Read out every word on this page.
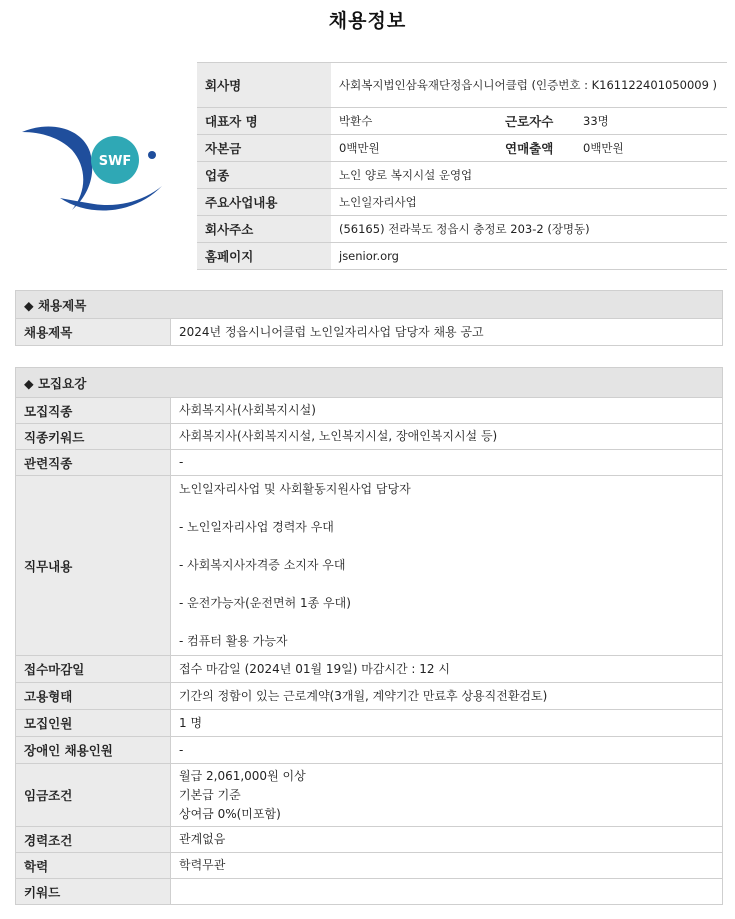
채용정보
SWF
회사명	사회복지법인삼육재단정읍시니어클럽 (인증번호 : K161122401050009 )		
대표자 명	박환수	근로자수	33명
자본금	0백만원	연매출액	0백만원
업종	노인 양로 복지시설 운영업		
주요사업내용	노인일자리사업		
회사주소	(56165) 전라북도 정읍시 충정로 203-2 (장명동)		
홈페이지	jsenior.org		
◆ 채용제목
채용제목	2024년 정읍시니어클럽 노인일자리사업 담당자 채용 공고
◆ 모집요강	
모집직종	사회복지사(사회복지시설)
직종키워드	사회복지사(사회복지시설, 노인복지시설, 장애인복지시설 등)
관련직종	-
직무내용	노인일자리사업 및 사회활동지원사업 담당자

- 노인일자리사업 경력자 우대

- 사회복지사자격증 소지자 우대

- 운전가능자(운전면허 1종 우대)

- 컴퓨터 활용 가능자
접수마감일	접수 마감일 (2024년 01월 19일) 마감시간 : 12 시
고용형태	기간의 정함이 있는 근로계약(3개월, 계약기간 만료후 상용직전환검토)
모집인원	1 명
장애인 채용인원	-
임금조건	월급 2,061,000원 이상
기본급 기준
상여금 0%(미포함)
경력조건	관계없음
학력	학력무관
키워드	
